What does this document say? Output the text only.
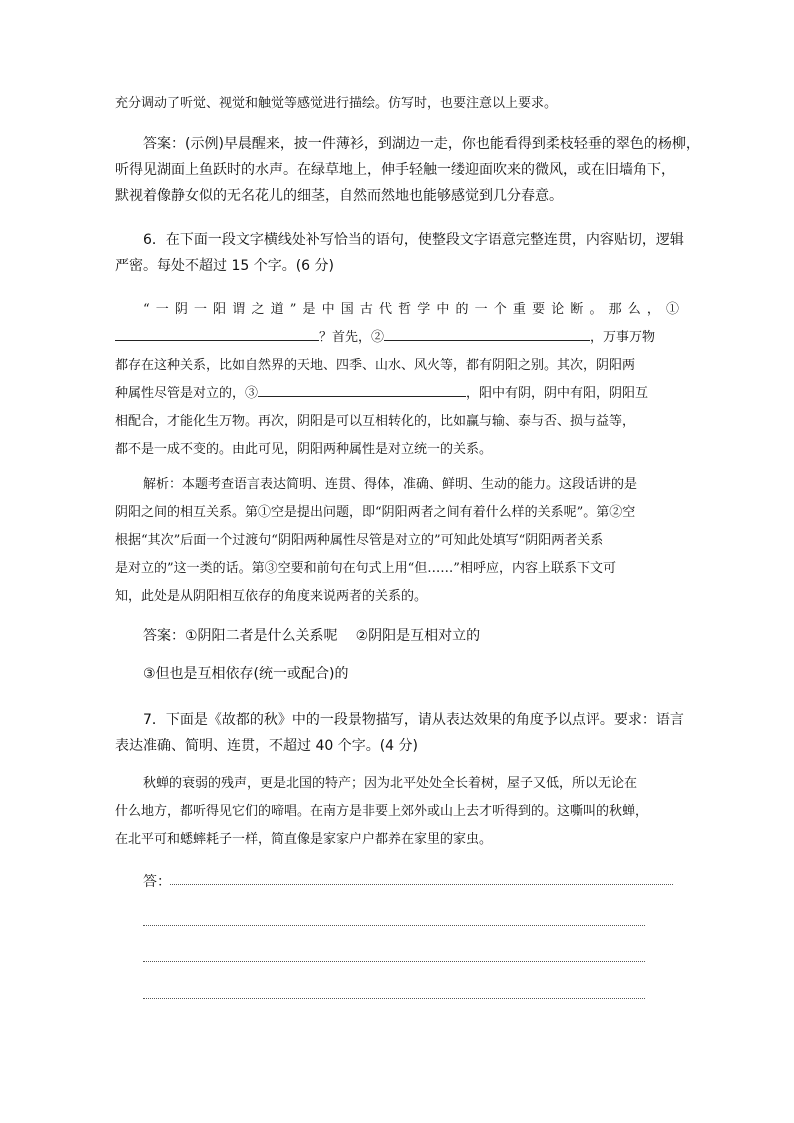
充分调动了听觉、视觉和触觉等感觉进行描绘。仿写时，也要注意以上要求。
答案：(示例)早晨醒来，披一件薄衫，到湖边一走，你也能看得到柔枝轻垂的翠色的杨柳，
听得见湖面上鱼跃时的水声。在绿草地上，伸手轻触一缕迎面吹来的微风，或在旧墙角下，
默视着像静女似的无名花儿的细茎，自然而然地也能够感觉到几分春意。
6．在下面一段文字横线处补写恰当的语句，使整段文字语意完整连贯，内容贴切，逻辑
严密。每处不超过 15 个字。(6 分)
“一阴一阳谓之道”是中国古代哲学中的一个重要论断。那么，①
？首先，②	，万事万物
都存在这种关系，比如自然界的天地、四季、山水、风火等，都有阴阳之别。其次，阴阳两
种属性尽管是对立的，③	，阳中有阴，阴中有阳，阴阳互
相配合，才能化生万物。再次，阴阳是可以互相转化的，比如赢与输、泰与否、损与益等，
都不是一成不变的。由此可见，阴阳两种属性是对立统一的关系。
解析：本题考查语言表达简明、连贯、得体，准确、鲜明、生动的能力。这段话讲的是
阴阳之间的相互关系。第①空是提出问题，即“阴阳两者之间有着什么样的关系呢”。第②空
根据“其次”后面一个过渡句“阴阳两种属性尽管是对立的”可知此处填写“阴阳两者关系
是对立的”这一类的话。第③空要和前句在句式上用“但……”相呼应，内容上联系下文可
知，此处是从阴阳相互依存的角度来说两者的关系的。
答案：①阴阳二者是什么关系呢 ②阴阳是互相对立的
③但也是互相依存(统一或配合)的
7．下面是《故都的秋》中的一段景物描写，请从表达效果的角度予以点评。要求：语言
表达准确、简明、连贯，不超过 40 个字。(4 分)
秋蝉的衰弱的残声，更是北国的特产；因为北平处处全长着树，屋子又低，所以无论在
什么地方，都听得见它们的啼唱。在南方是非要上郊外或山上去才听得到的。这嘶叫的秋蝉，
在北平可和蟋蟀耗子一样，简直像是家家户户都养在家里的家虫。
答：
